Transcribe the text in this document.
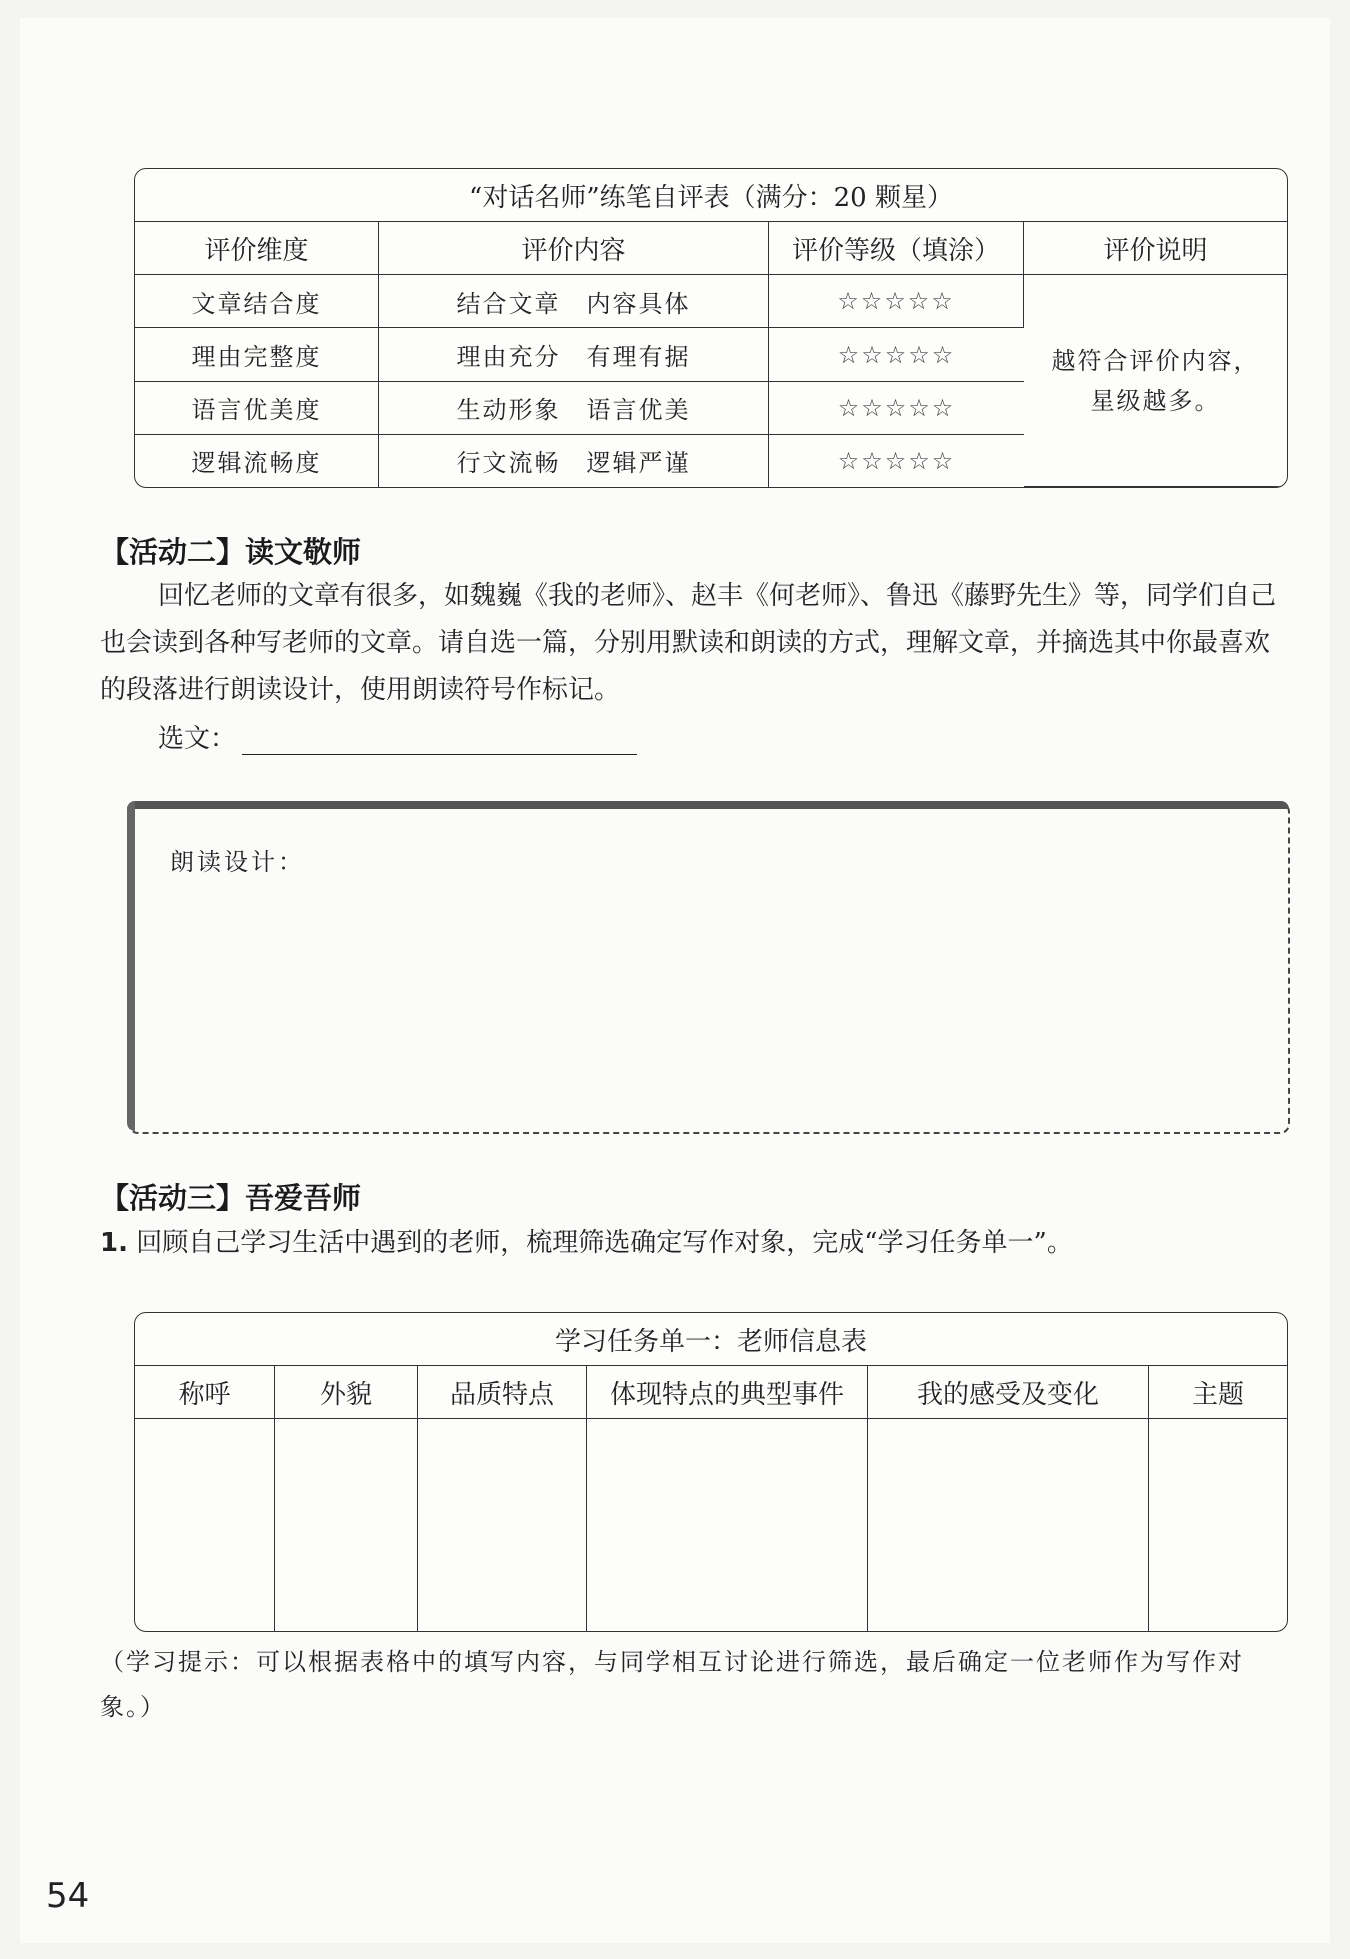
“对话名师”练笔自评表（满分：20 颗星）			
评价维度	评价内容	评价等级（填涂）	评价说明
文章结合度	结合文章　内容具体	☆☆☆☆☆	越符合评价内容，
星级越多。

理由完整度	理由充分　有理有据	☆☆☆☆☆	
语言优美度	生动形象　语言优美	☆☆☆☆☆	
逻辑流畅度	行文流畅　逻辑严谨	☆☆☆☆☆	
【活动二】读文敬师
回忆老师的文章有很多，如魏巍《我的老师》、赵丰《何老师》、鲁迅《藤野先生》等，同学们自己也会读到各种写老师的文章。请自选一篇，分别用默读和朗读的方式，理解文章，并摘选其中你最喜欢的段落进行朗读设计，使用朗读符号作标记。
选文：
朗读设计：
【活动三】吾爱吾师
1. 回顾自己学习生活中遇到的老师，梳理筛选确定写作对象，完成“学习任务单一”。
学习任务单一：老师信息表					
称呼	外貌	品质特点	体现特点的典型事件	我的感受及变化	主题

（学习提示：可以根据表格中的填写内容，与同学相互讨论进行筛选，最后确定一位老师作为写作对象。）
54
